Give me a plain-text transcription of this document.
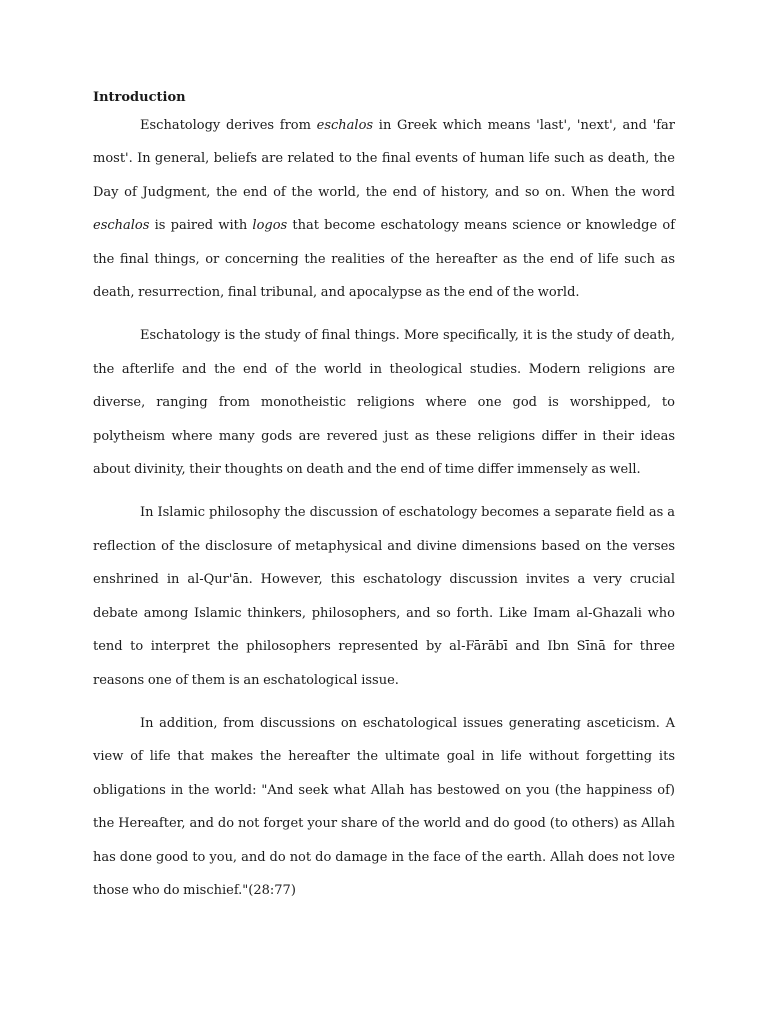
Introduction

Eschatology derives from eschalos in Greek which means 'last', 'next', and 'far most'. In general, beliefs are related to the final events of human life such as death, the Day of Judgment, the end of the world, the end of history, and so on. When the word eschalos is paired with logos that become eschatology means science or knowledge of the final things, or concerning the realities of the hereafter as the end of life such as death, resurrection, final tribunal, and apocalypse as the end of the world.

Eschatology is the study of final things. More specifically, it is the study of death, the afterlife and the end of the world in theological studies. Modern religions are diverse, ranging from monotheistic religions where one god is worshipped, to polytheism where many gods are revered just as these religions differ in their ideas about divinity, their thoughts on death and the end of time differ immensely as well.

In Islamic philosophy the discussion of eschatology becomes a separate field as a reflection of the disclosure of metaphysical and divine dimensions based on the verses enshrined in al-Qur'ān. However, this eschatology discussion invites a very crucial debate among Islamic thinkers, philosophers, and so forth. Like Imam al-Ghazali who tend to interpret the philosophers represented by al-Fārābī and Ibn Sīnā for three reasons one of them is an eschatological issue.

In addition, from discussions on eschatological issues generating asceticism. A view of life that makes the hereafter the ultimate goal in life without forgetting its obligations in the world: "And seek what Allah has bestowed on you (the happiness of) the Hereafter, and do not forget your share of the world and do good (to others) as Allah has done good to you, and do not do damage in the face of the earth. Allah does not love those who do mischief."(28:77)
